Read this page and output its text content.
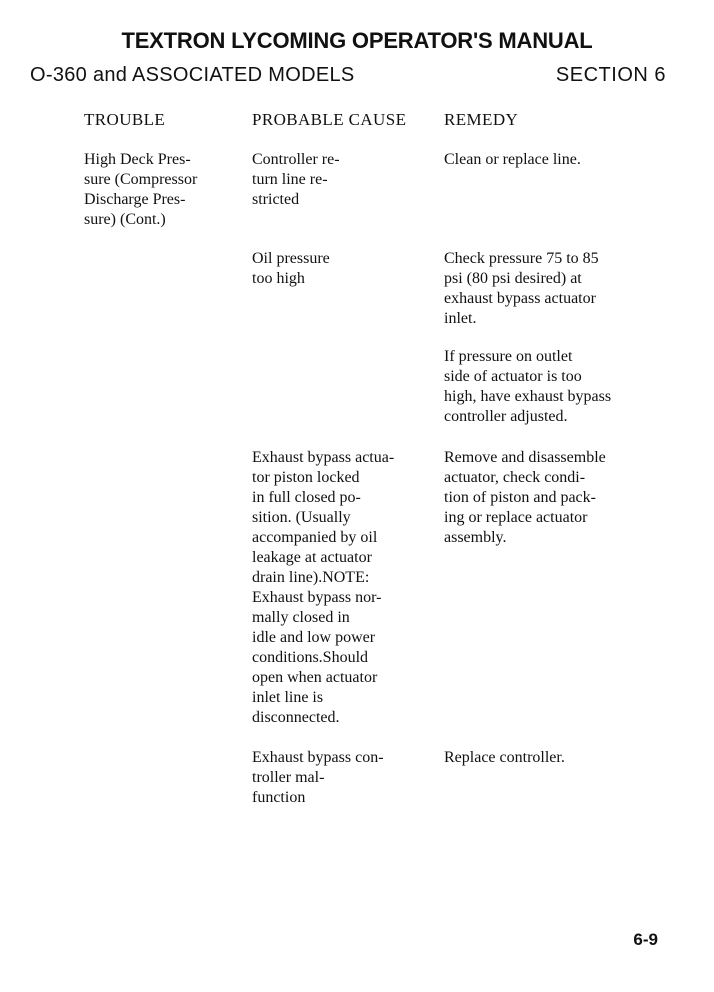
TEXTRON LYCOMING OPERATOR'S MANUAL
O-360 and ASSOCIATED MODELS	SECTION 6
TROUBLE	PROBABLE CAUSE REMEDY
High Deck Pres-
sure (Compressor
Discharge Pres-
sure) (Cont.)
Controller re-
turn line re-
stricted
Clean or replace line.
Oil pressure
too high
Check pressure 75 to 85
psi (80 psi desired) at
exhaust bypass actuator
inlet.
If pressure on outlet
side of actuator is too
high, have exhaust bypass
controller adjusted.
Exhaust bypass actua-
tor piston locked
in full closed po-
sition. (Usually
accompanied by oil
leakage at actuator
drain line).NOTE:
Exhaust bypass nor-
mally closed in
idle and low power
conditions.Should
open when actuator
inlet line is
disconnected.
Remove and disassemble
actuator, check condi-
tion of piston and pack-
ing or replace actuator
assembly.
Exhaust bypass con-
troller mal-
function
Replace controller.
6-9
